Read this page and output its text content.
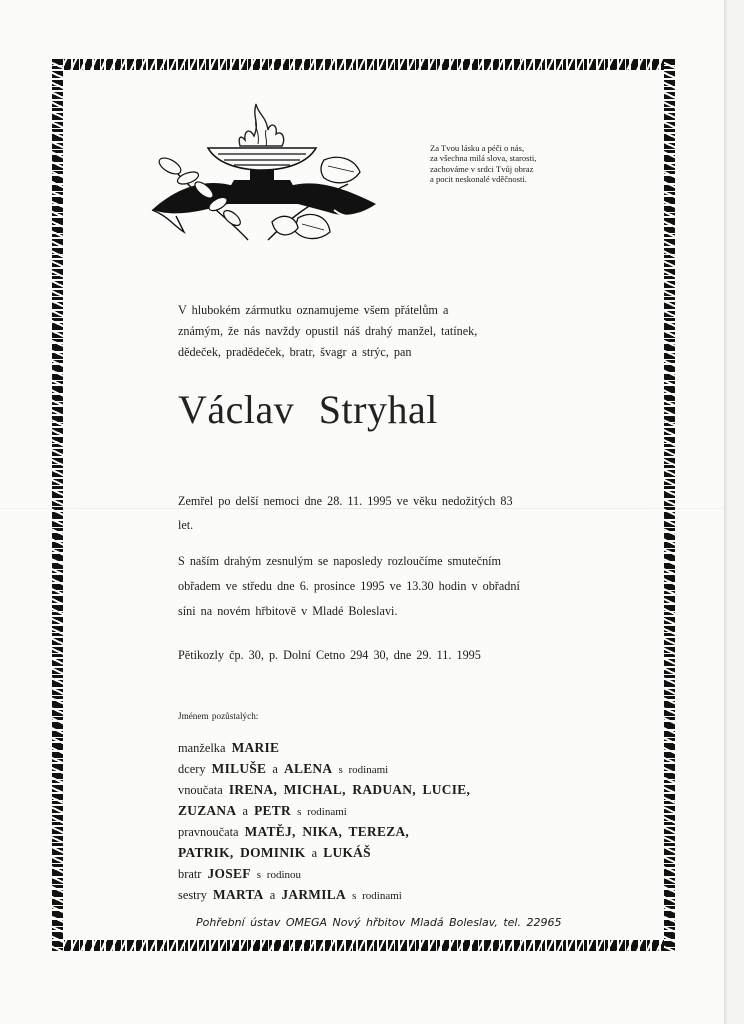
Za Tvou lásku a péči o nás,
za všechna milá slova, starosti,
zachováme v srdci Tvůj obraz
a pocit neskonalé vděčnosti.
V hlubokém zármutku oznamujeme všem přátelům a
známým, že nás navždy opustil náš drahý manžel, tatínek,
dědeček, pradědeček, bratr, švagr a strýc, pan
Václav Stryhal
Zemřel po delší nemoci dne 28. 11. 1995 ve věku nedožitých 83
let.
S naším drahým zesnulým se naposledy rozloučíme smutečním
obřadem ve středu dne 6. prosince 1995 ve 13.30 hodin v obřadní
síni na novém hřbitově v Mladé Boleslavi.
Pětikozly čp. 30, p. Dolní Cetno 294 30, dne 29. 11. 1995
Jménem pozůstalých:
manželka MARIE
dcery MILUŠE a ALENA s rodinami
vnoučata IRENA, MICHAL, RADUAN, LUCIE,
ZUZANA a PETR s rodinami
pravnoučata MATĚJ, NIKA, TEREZA,
PATRIK, DOMINIK a LUKÁŠ
bratr JOSEF s rodinou
sestry MARTA a JARMILA s rodinami
Pohřební ústav OMEGA Nový hřbitov Mladá Boleslav, tel. 22965
